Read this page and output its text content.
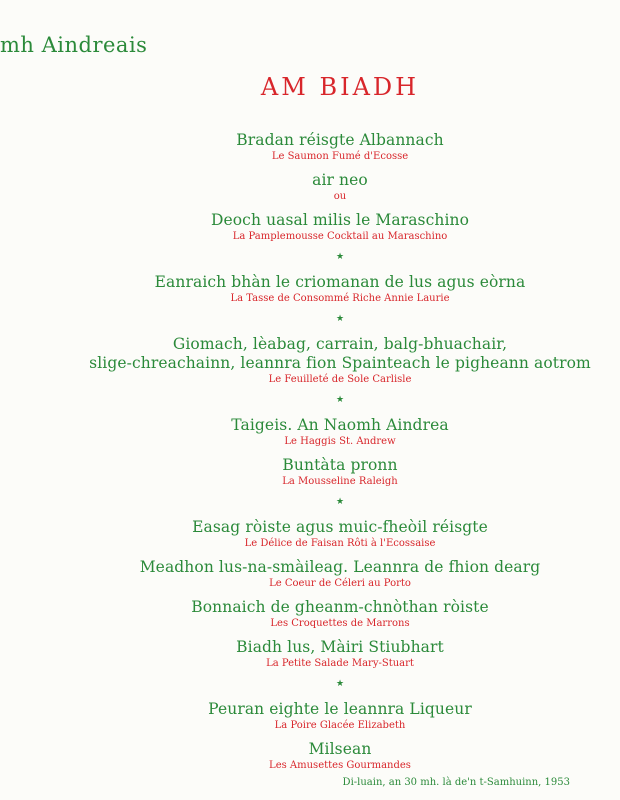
mh Aindreais
AM BIADH
Bradan réisgte Albannach
Le Saumon Fumé d'Ecosse
air neo
ou
Deoch uasal milis le Maraschino
La Pamplemousse Cocktail au Maraschino
★
Eanraich bhàn le criomanan de lus agus eòrna
La Tasse de Consommé Riche Annie Laurie
★
Giomach, lèabag, carrain, balg-bhuachair,
slige-chreachainn, leannra fion Spainteach le pigheann aotrom
Le Feuilleté de Sole Carlisle
★
Taigeis. An Naomh Aindrea
Le Haggis St. Andrew
Buntàta pronn
La Mousseline Raleigh
★
Easag ròiste agus muic-fheòil réisgte
Le Délice de Faisan Rôti à l'Ecossaise
Meadhon lus-na-smàileag. Leannra de fhion dearg
Le Coeur de Céleri au Porto
Bonnaich de gheanm-chnòthan ròiste
Les Croquettes de Marrons
Biadh lus, Màiri Stiubhart
La Petite Salade Mary-Stuart
★
Peuran eighte le leannra Liqueur
La Poire Glacée Elizabeth
Milsean
Les Amusettes Gourmandes
Di-luain, an 30 mh. là de'n t-Samhuinn, 1953
